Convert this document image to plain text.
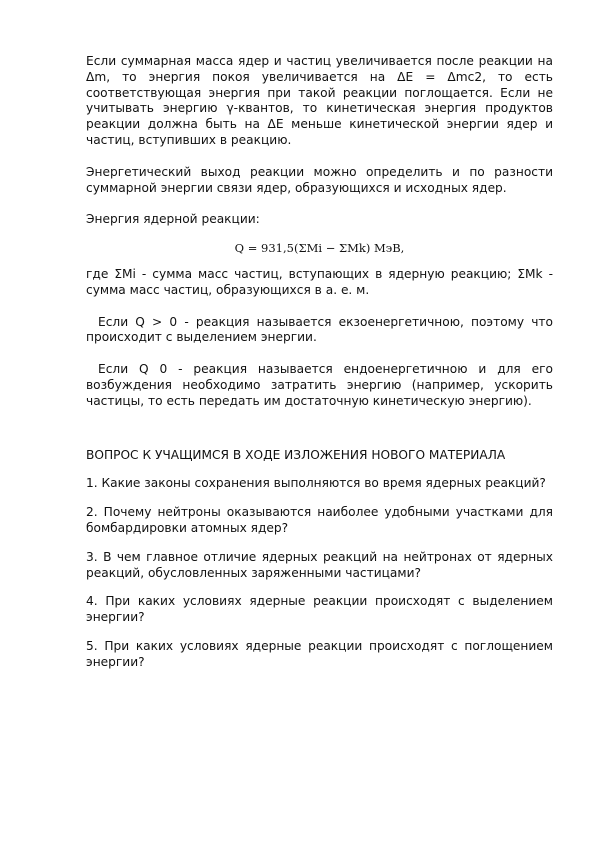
Если суммарная масса ядер и частиц увеличивается после реакции на Δm, то энергия покоя увеличивается на ΔE = Δmc2, то есть соответствующая энергия при такой реакции поглощается. Если не учитывать энергию γ-квантов, то кинетическая энергия продуктов реакции должна быть на ΔE меньше кинетической энергии ядер и частиц, вступивших в реакцию.

Энергетический выход реакции можно определить и по разности суммарной энергии связи ядер, образующихся и исходных ядер.

Энергия ядерной реакции:

Q = 931,5(ΣMi − ΣMk) МэВ,

где ΣMi - сумма масс частиц, вступающих в ядерную реакцию; ΣMk - сумма масс частиц, образующихся в а. е. м.

Если Q > 0 - реакция называется екзоенергетичною, поэтому что происходит с выделением энергии.

Если Q 0 - реакция называется ендоенергетичною и для его возбуждения необходимо затратить энергию (например, ускорить частицы, то есть передать им достаточную кинетическую энергию).

ВОПРОС К УЧАЩИМСЯ В ХОДЕ ИЗЛОЖЕНИЯ НОВОГО МАТЕРИАЛА

1. Какие законы сохранения выполняются во время ядерных реакций?

2. Почему нейтроны оказываются наиболее удобными участками для бомбардировки атомных ядер?

3. В чем главное отличие ядерных реакций на нейтронах от ядерных реакций, обусловленных заряженными частицами?

4. При каких условиях ядерные реакции происходят с выделением энергии?

5. При каких условиях ядерные реакции происходят с поглощением энергии?
